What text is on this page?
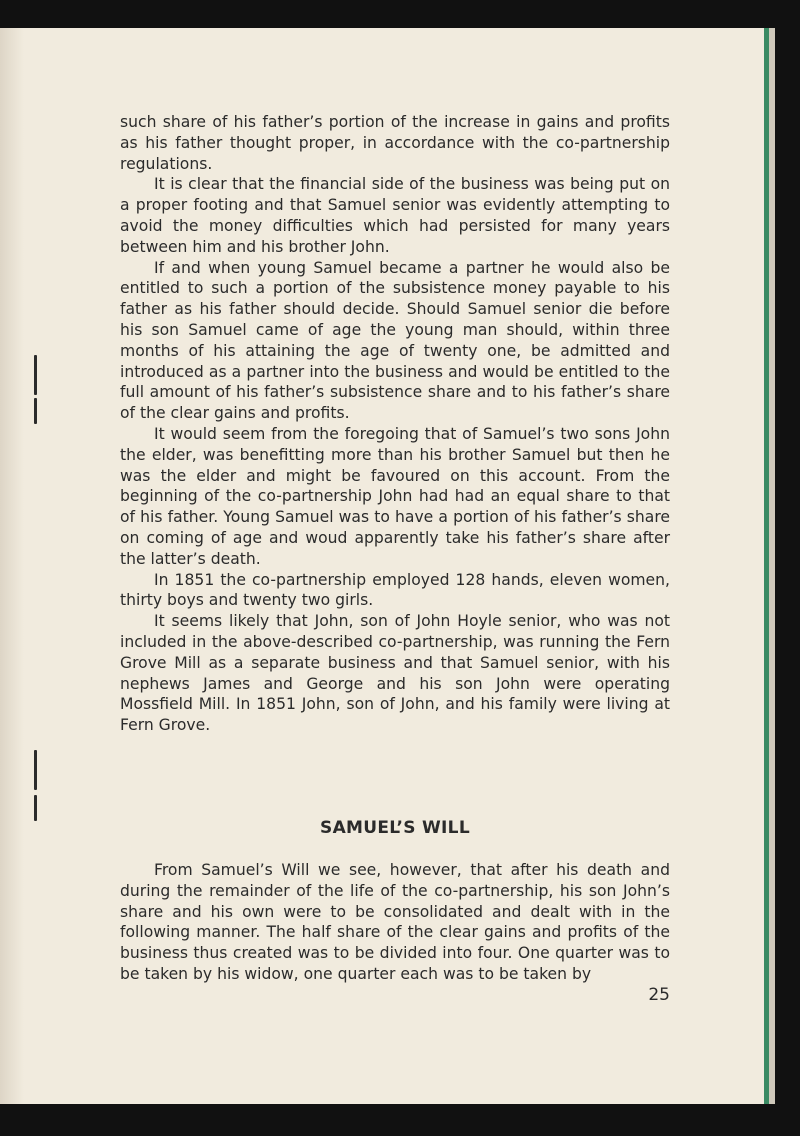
such share of his father’s portion of the increase in gains and profits as his father thought proper, in accordance with the co-partnership regulations.

It is clear that the financial side of the business was being put on a proper footing and that Samuel senior was evidently attempting to avoid the money difficulties which had persisted for many years between him and his brother John.

If and when young Samuel became a partner he would also be entitled to such a portion of the subsistence money payable to his father as his father should decide. Should Samuel senior die before his son Samuel came of age the young man should, within three months of his attaining the age of twenty one, be admitted and introduced as a partner into the business and would be entitled to the full amount of his father’s subsistence share and to his father’s share of the clear gains and profits.

It would seem from the foregoing that of Samuel’s two sons John the elder, was benefitting more than his brother Samuel but then he was the elder and might be favoured on this account. From the beginning of the co-partnership John had had an equal share to that of his father. Young Samuel was to have a portion of his father’s share on coming of age and woud apparently take his father’s share after the latter’s death.

In 1851 the co-partnership employed 128 hands, eleven women, thirty boys and twenty two girls.

It seems likely that John, son of John Hoyle senior, who was not included in the above-described co-partnership, was running the Fern Grove Mill as a separate business and that Samuel senior, with his nephews James and George and his son John were operating Mossfield Mill. In 1851 John, son of John, and his family were living at Fern Grove.

SAMUEL’S WILL

From Samuel’s Will we see, however, that after his death and during the remainder of the life of the co-partnership, his son John’s share and his own were to be consolidated and dealt with in the following manner. The half share of the clear gains and profits of the business thus created was to be divided into four. One quarter was to be taken by his widow, one quarter each was to be taken by

25
